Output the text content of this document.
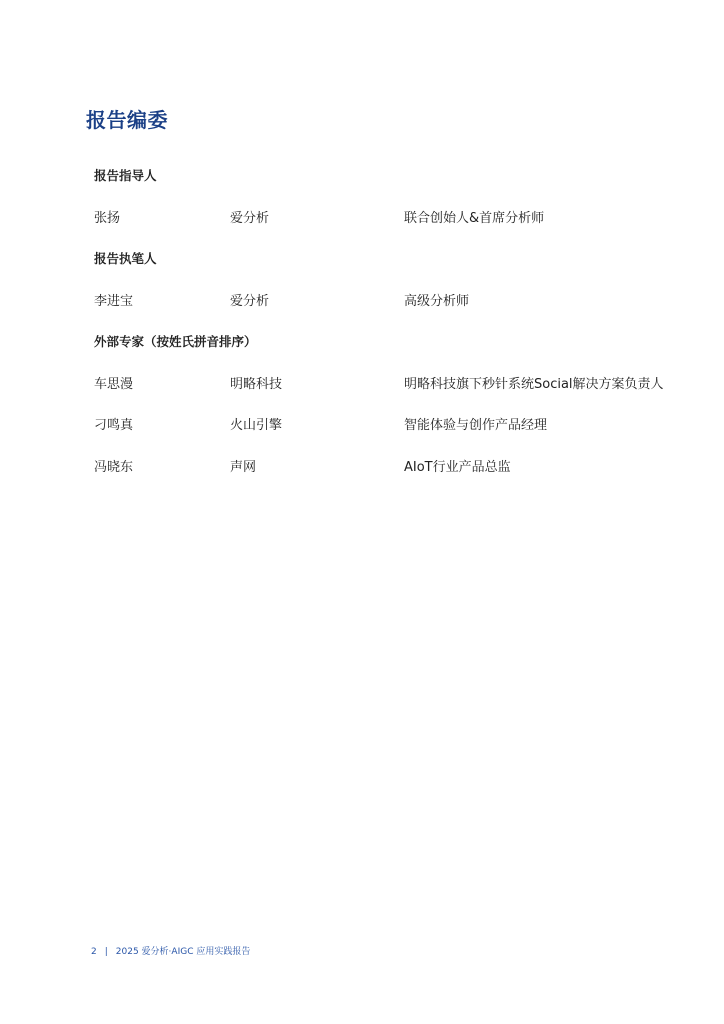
报告编委
报告指导人
张扬	爱分析	联合创始人&首席分析师
报告执笔人
李进宝	爱分析	高级分析师
外部专家（按姓氏拼音排序）
车思漫	明略科技	明略科技旗下秒针系统Social解决方案负责人
刁鸣真	火山引擎	智能体验与创作产品经理
冯晓东	声网	AIoT行业产品总监
2 | 2025 爱分析·AIGC 应用实践报告
